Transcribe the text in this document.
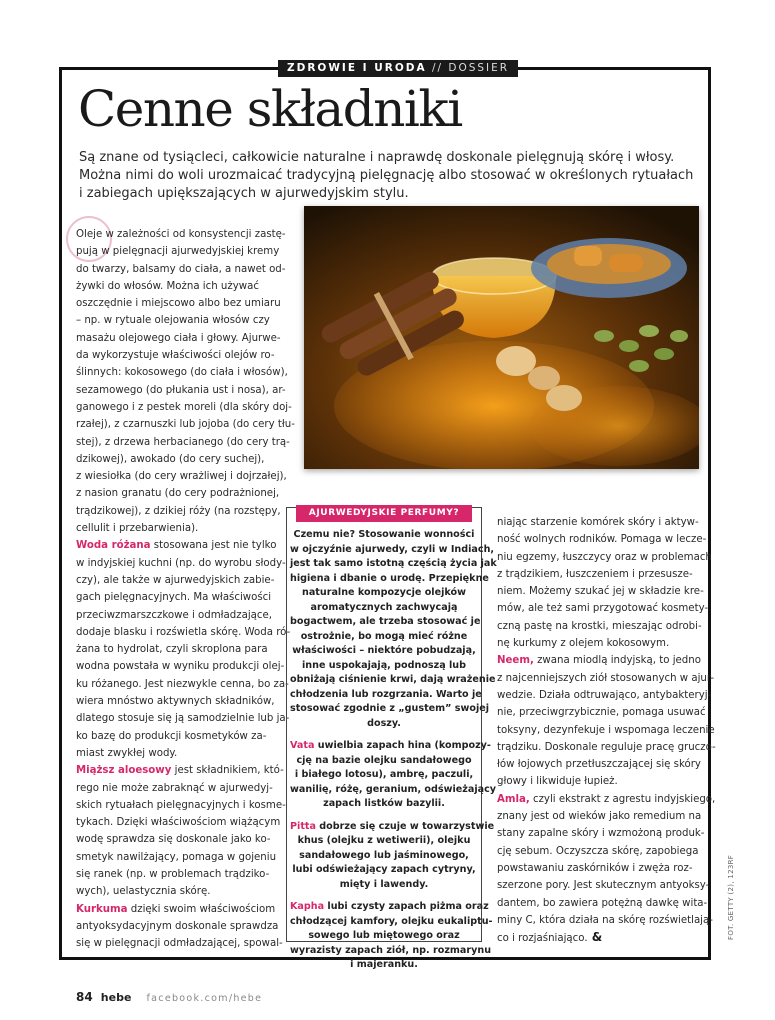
ZDROWIE I URODA // DOSSIER
Cenne składniki

Są znane od tysiącleci, całkowicie naturalne i naprawdę doskonale pielęgnują skórę i włosy.
Można nimi do woli urozmaicać tradycyjną pielęgnację albo stosować w określonych rytuałach
i zabiegach upiększających w ajurwedyjskim stylu.

Oleje w zależności od konsystencji zastę-
pują w pielęgnacji ajurwedyjskiej kremy
do twarzy, balsamy do ciała, a nawet od-
żywki do włosów. Można ich używać
oszczędnie i miejscowo albo bez umiaru
– np. w rytuale olejowania włosów czy
masażu olejowego ciała i głowy. Ajurwe-
da wykorzystuje właściwości olejów ro-
ślinnych: kokosowego (do ciała i włosów),
sezamowego (do płukania ust i nosa), ar-
ganowego i z pestek moreli (dla skóry doj-
rzałej), z czarnuszki lub jojoba (do cery tłu-
stej), z drzewa herbacianego (do cery trą-
dzikowej), awokado (do cery suchej),
z wiesiołka (do cery wrażliwej i dojrzałej),
z nasion granatu (do cery podrażnionej,
trądzikowej), z dzikiej róży (na rozstępy,
cellulit i przebarwienia).
Woda różana stosowana jest nie tylko
w indyjskiej kuchni (np. do wyrobu słody-
czy), ale także w ajurwedyjskich zabie-
gach pielęgnacyjnych. Ma właściwości
przeciwzmarszczkowe i odmładzające,
dodaje blasku i rozświetla skórę. Woda ró-
żana to hydrolat, czyli skroplona para
wodna powstała w wyniku produkcji olej-
ku różanego. Jest niezwykle cenna, bo za-
wiera mnóstwo aktywnych składników,
dlatego stosuje się ją samodzielnie lub ja-
ko bazę do produkcji kosmetyków za-
miast zwykłej wody.
Miąższ aloesowy jest składnikiem, któ-
rego nie może zabraknąć w ajurwedyj-
skich rytuałach pielęgnacyjnych i kosme-
tykach. Dzięki właściwościom wiążącym
wodę sprawdza się doskonale jako ko-
smetyk nawilżający, pomaga w gojeniu
się ranek (np. w problemach trądziko-
wych), uelastycznia skórę.
Kurkuma dzięki swoim właściwościom
antyoksydacyjnym doskonale sprawdza
się w pielęgnacji odmładzającej, spowal-
AJURWEDYJSKIE PERFUMY?
Czemu nie? Stosowanie wonności
w ojczyźnie ajurwedy, czyli w Indiach,
jest tak samo istotną częścią życia jak
higiena i dbanie o urodę. Przepiękne
naturalne kompozycje olejków
aromatycznych zachwycają
bogactwem, ale trzeba stosować je
ostrożnie, bo mogą mieć różne
właściwości – niektóre pobudzają,
inne uspokajają, podnoszą lub
obniżają ciśnienie krwi, dają wrażenie
chłodzenia lub rozgrzania. Warto je
stosować zgodnie z „gustem” swojej
doszy.
Vata uwielbia zapach hina (kompozy-
cję na bazie olejku sandałowego
i białego lotosu), ambrę, paczuli,
wanilię, różę, geranium, odświeżający
zapach listków bazylii.
Pitta dobrze się czuje w towarzystwie
khus (olejku z wetiwerii), olejku
sandałowego lub jaśminowego,
lubi odświeżający zapach cytryny,
mięty i lawendy.
Kapha lubi czysty zapach piżma oraz
chłodzącej kamfory, olejku eukaliptu-
sowego lub miętowego oraz
wyrazisty zapach ziół, np. rozmarynu
i majeranku.
niając starzenie komórek skóry i aktyw-
ność wolnych rodników. Pomaga w lecze-
niu egzemy, łuszczycy oraz w problemach
z trądzikiem, łuszczeniem i przesusze-
niem. Możemy szukać jej w składzie kre-
mów, ale też sami przygotować kosmety-
czną pastę na krostki, mieszając odrobi-
nę kurkumy z olejem kokosowym.
Neem, zwana miodlą indyjską, to jedno
z najcenniejszych ziół stosowanych w ajur-
wedzie. Działa odtruwająco, antybakteryj-
nie, przeciwgrzybicznie, pomaga usuwać
toksyny, dezynfekuje i wspomaga leczenie
trądziku. Doskonale reguluje pracę gruczo-
łów łojowych przetłuszczającej się skóry
głowy i likwiduje łupież.
Amla, czyli ekstrakt z agrestu indyjskiego,
znany jest od wieków jako remedium na
stany zapalne skóry i wzmożoną produk-
cję sebum. Oczyszcza skórę, zapobiega
powstawaniu zaskórników i zwęża roz-
szerzone pory. Jest skutecznym antyoksy-
dantem, bo zawiera potężną dawkę wita-
miny C, która działa na skórę rozświetlają-
co i rozjaśniająco. &	FOT. GETTY (2), 123RF
84 hebe facebook.com/hebe
